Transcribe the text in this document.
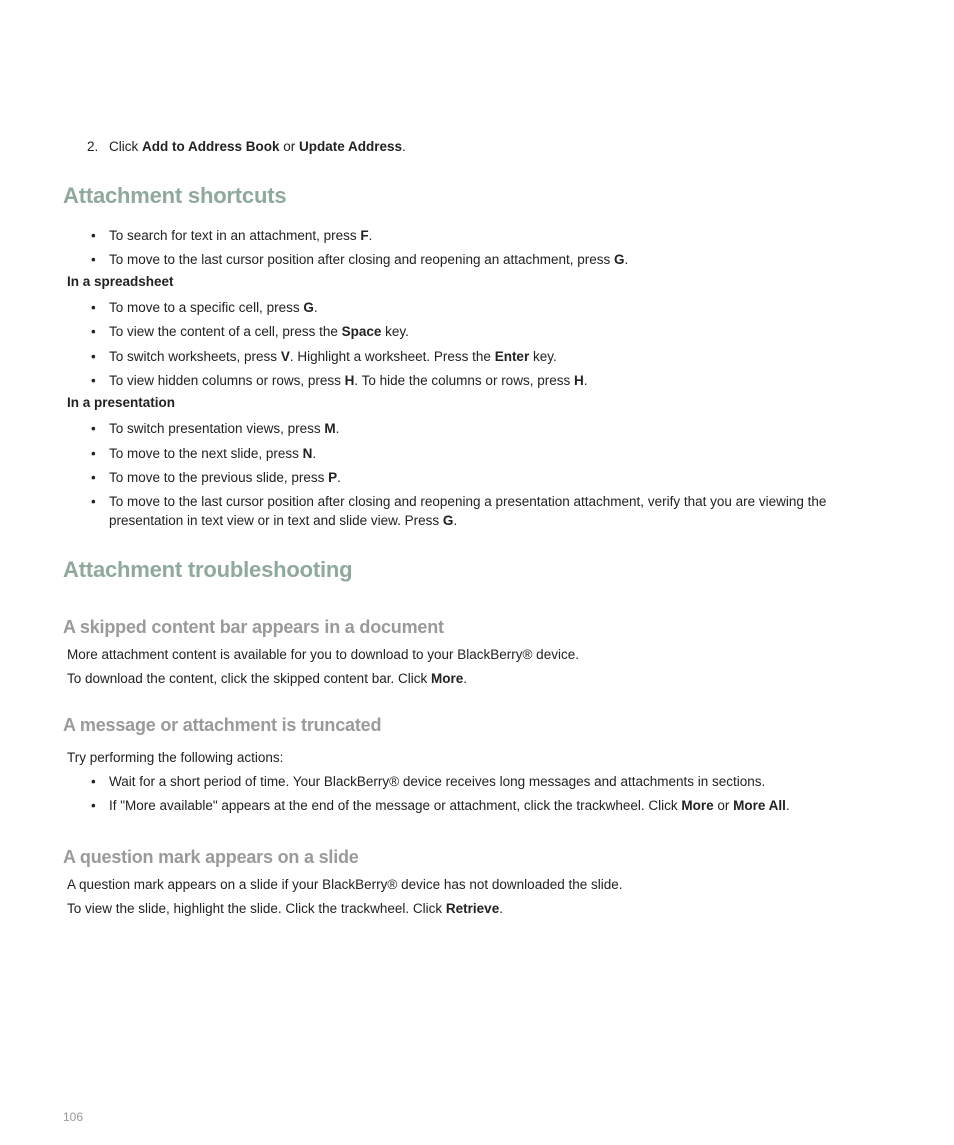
2. Click Add to Address Book or Update Address.
Attachment shortcuts
• To search for text in an attachment, press F.
• To move to the last cursor position after closing and reopening an attachment, press G.
In a spreadsheet
• To move to a specific cell, press G.
• To view the content of a cell, press the Space key.
• To switch worksheets, press V. Highlight a worksheet. Press the Enter key.
• To view hidden columns or rows, press H. To hide the columns or rows, press H.
In a presentation
• To switch presentation views, press M.
• To move to the next slide, press N.
• To move to the previous slide, press P.
• To move to the last cursor position after closing and reopening a presentation attachment, verify that you are viewing the presentation in text view or in text and slide view. Press G.
Attachment troubleshooting
A skipped content bar appears in a document
More attachment content is available for you to download to your BlackBerry® device.
To download the content, click the skipped content bar. Click More.
A message or attachment is truncated
Try performing the following actions:
• Wait for a short period of time. Your BlackBerry® device receives long messages and attachments in sections.
• If "More available" appears at the end of the message or attachment, click the trackwheel. Click More or More All.
A question mark appears on a slide
A question mark appears on a slide if your BlackBerry® device has not downloaded the slide.
To view the slide, highlight the slide. Click the trackwheel. Click Retrieve.
106
